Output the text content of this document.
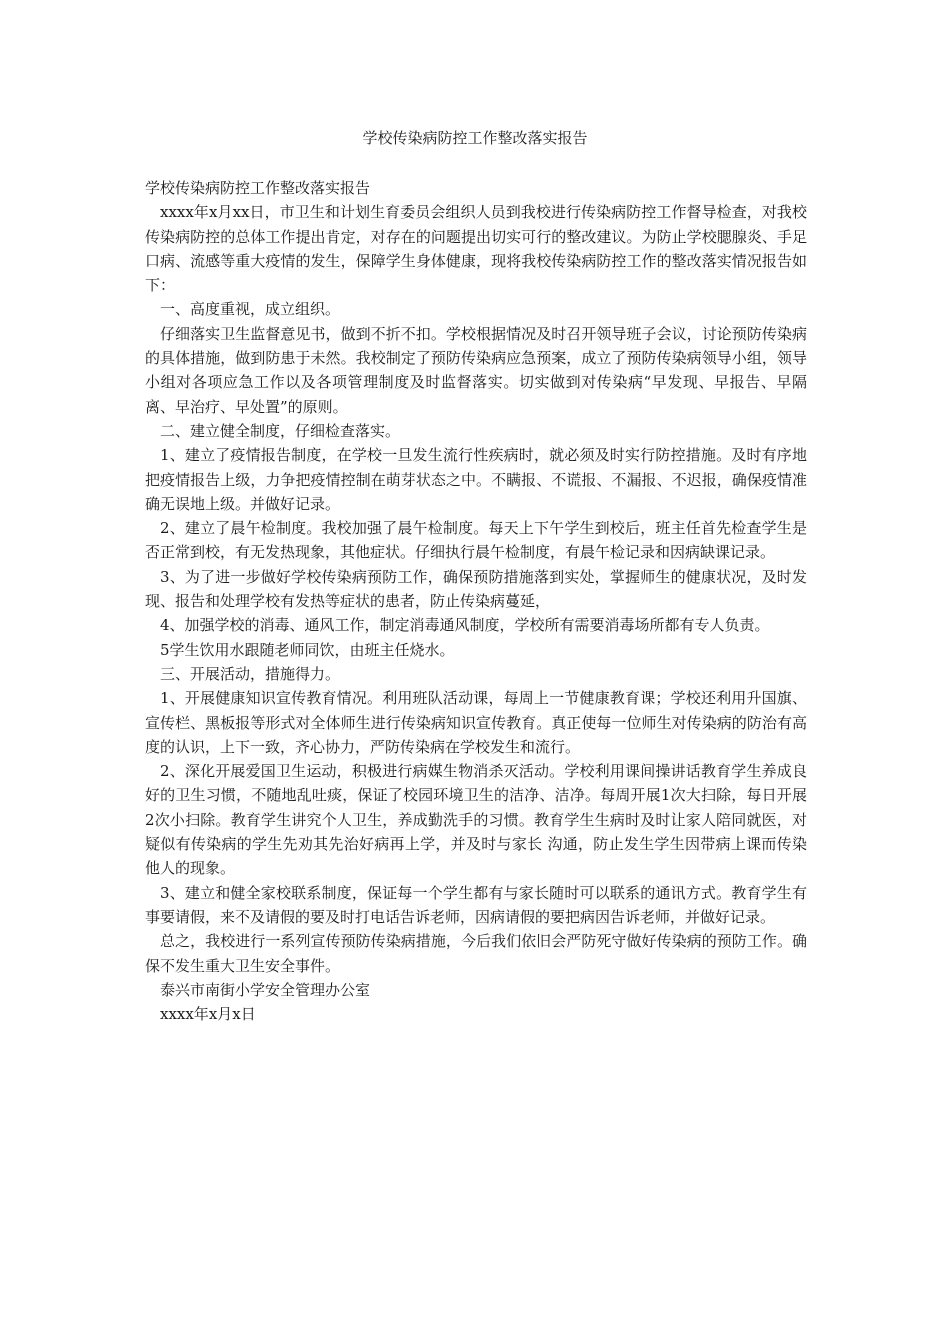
学校传染病防控工作整改落实报告

学校传染病防控工作整改落实报告

xxxx年x月xx日，市卫生和计划生育委员会组织人员到我校进行传染病防控工作督导检查，对我校传染病防控的总体工作提出肯定，对存在的问题提出切实可行的整改建议。为防止学校腮腺炎、手足口病、流感等重大疫情的发生，保障学生身体健康，现将我校传染病防控工作的整改落实情况报告如下：

一、高度重视，成立组织。

仔细落实卫生监督意见书，做到不折不扣。学校根据情况及时召开领导班子会议，讨论预防传染病的具体措施，做到防患于未然。我校制定了预防传染病应急预案，成立了预防传染病领导小组，领导小组对各项应急工作以及各项管理制度及时监督落实。切实做到对传染病“早发现、早报告、早隔离、早治疗、早处置”的原则。

二、建立健全制度，仔细检查落实。

1、建立了疫情报告制度，在学校一旦发生流行性疾病时，就必须及时实行防控措施。及时有序地把疫情报告上级，力争把疫情控制在萌芽状态之中。不瞒报、不谎报、不漏报、不迟报，确保疫情准确无误地上级。并做好记录。

2、建立了晨午检制度。我校加强了晨午检制度。每天上下午学生到校后，班主任首先检查学生是否正常到校，有无发热现象，其他症状。仔细执行晨午检制度，有晨午检记录和因病缺课记录。

3、为了进一步做好学校传染病预防工作，确保预防措施落到实处，掌握师生的健康状况，及时发现、报告和处理学校有发热等症状的患者，防止传染病蔓延，

4、加强学校的消毒、通风工作，制定消毒通风制度，学校所有需要消毒场所都有专人负责。

5学生饮用水跟随老师同饮，由班主任烧水。

三、开展活动，措施得力。

1、开展健康知识宣传教育情况。利用班队活动课，每周上一节健康教育课；学校还利用升国旗、宣传栏、黑板报等形式对全体师生进行传染病知识宣传教育。真正使每一位师生对传染病的防治有高度的认识，上下一致，齐心协力，严防传染病在学校发生和流行。

2、深化开展爱国卫生运动，积极进行病媒生物消杀灭活动。学校利用课间操讲话教育学生养成良好的卫生习惯，不随地乱吐痰，保证了校园环境卫生的洁净、洁净。每周开展1次大扫除，每日开展2次小扫除。教育学生讲究个人卫生，养成勤洗手的习惯。教育学生生病时及时让家人陪同就医，对疑似有传染病的学生先劝其先治好病再上学，并及时与家长 沟通，防止发生学生因带病上课而传染他人的现象。

3、建立和健全家校联系制度，保证每一个学生都有与家长随时可以联系的通讯方式。教育学生有事要请假，来不及请假的要及时打电话告诉老师，因病请假的要把病因告诉老师，并做好记录。

总之，我校进行一系列宣传预防传染病措施，今后我们依旧会严防死守做好传染病的预防工作。确保不发生重大卫生安全事件。

泰兴市南街小学安全管理办公室

xxxx年x月x日
